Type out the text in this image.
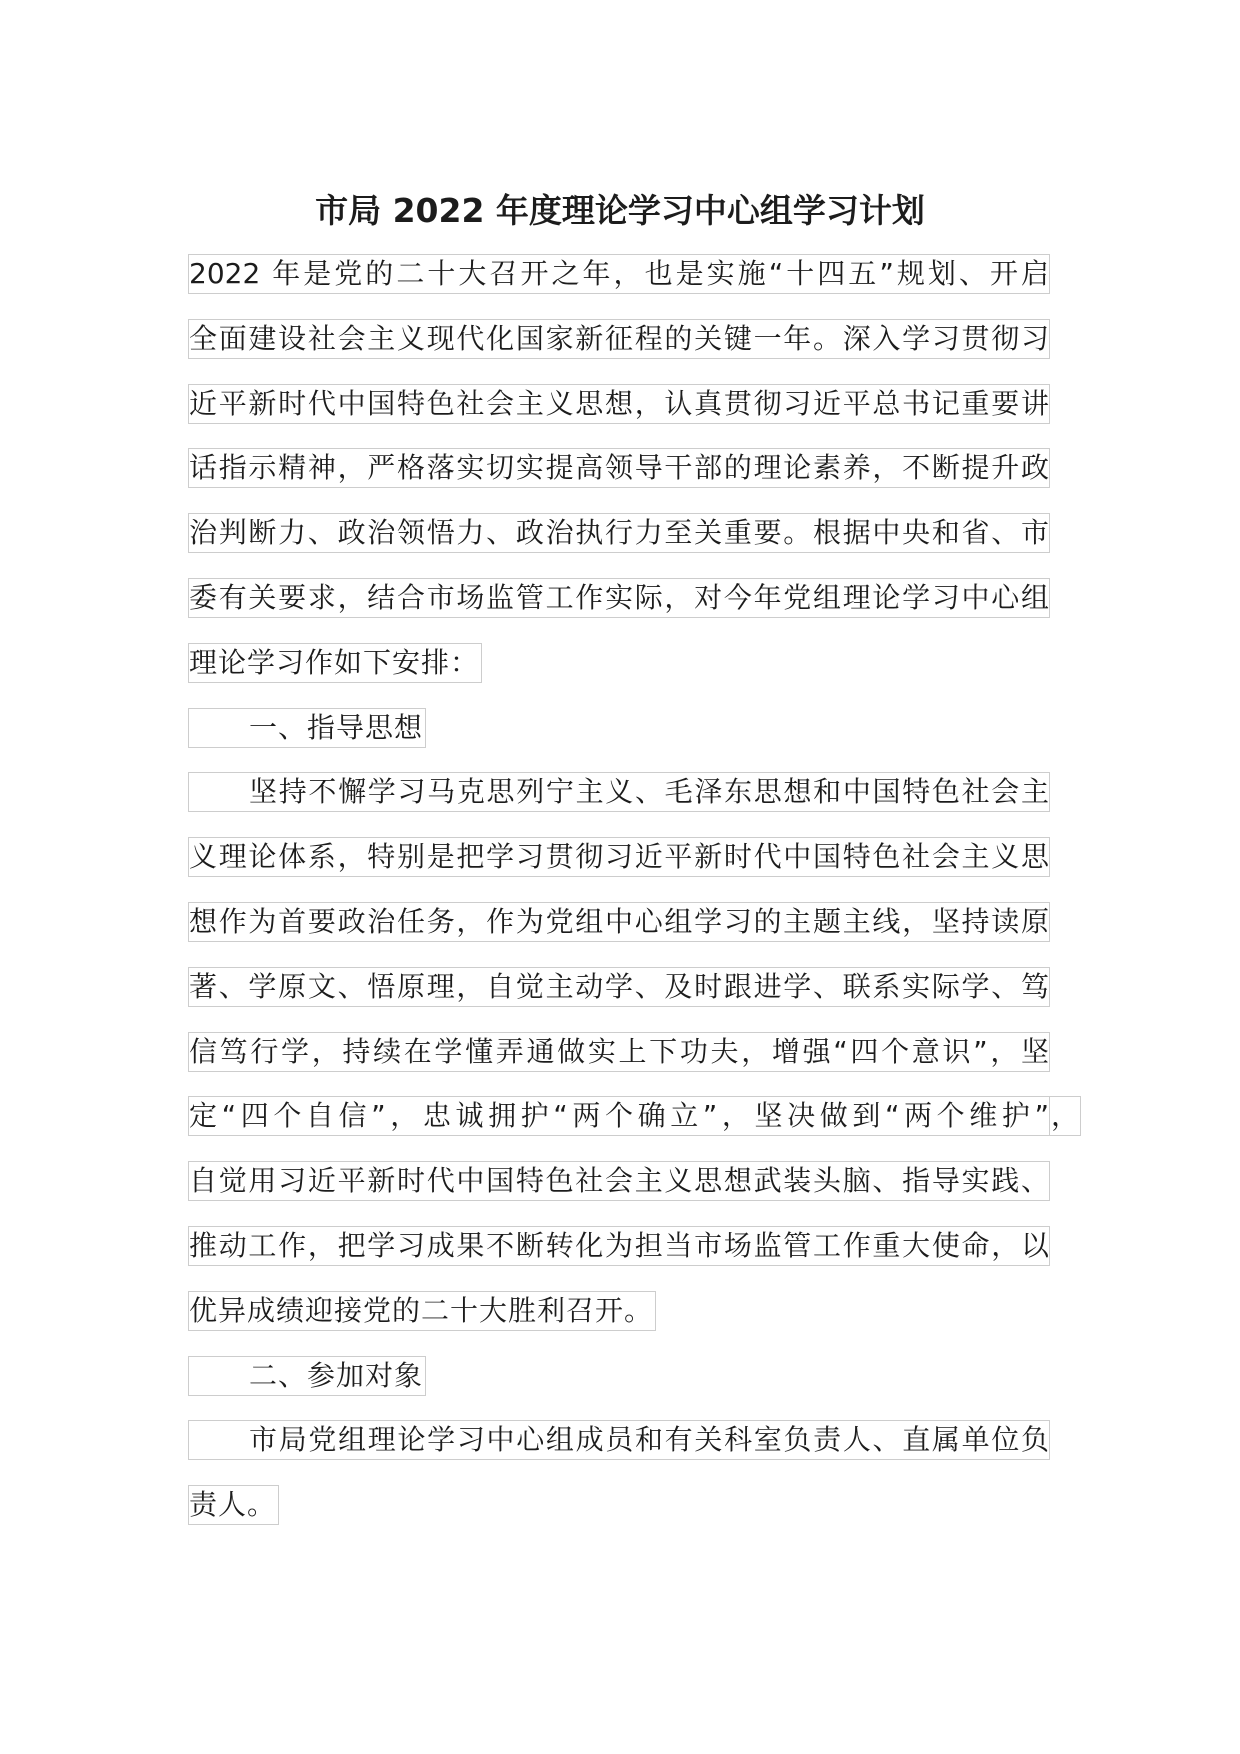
市局 2022 年度理论学习中心组学习计划
2022 年是党的二十大召开之年，也是实施“十四五”规划、开启
全面建设社会主义现代化国家新征程的关键一年。深入学习贯彻习
近平新时代中国特色社会主义思想，认真贯彻习近平总书记重要讲
话指示精神，严格落实切实提高领导干部的理论素养，不断提升政
治判断力、政治领悟力、政治执行力至关重要。根据中央和省、市
委有关要求，结合市场监管工作实际，对今年党组理论学习中心组
理论学习作如下安排：
一、指导思想
坚持不懈学习马克思列宁主义、毛泽东思想和中国特色社会主
义理论体系，特别是把学习贯彻习近平新时代中国特色社会主义思
想作为首要政治任务，作为党组中心组学习的主题主线，坚持读原
著、学原文、悟原理，自觉主动学、及时跟进学、联系实际学、笃
信笃行学，持续在学懂弄通做实上下功夫，增强“四个意识”，坚
定“四个自信”，忠诚拥护“两个确立”，坚决做到“两个维护” ，
自觉用习近平新时代中国特色社会主义思想武装头脑、指导实践、
推动工作，把学习成果不断转化为担当市场监管工作重大使命，以
优异成绩迎接党的二十大胜利召开。
二、参加对象
市局党组理论学习中心组成员和有关科室负责人、直属单位负
责人。
